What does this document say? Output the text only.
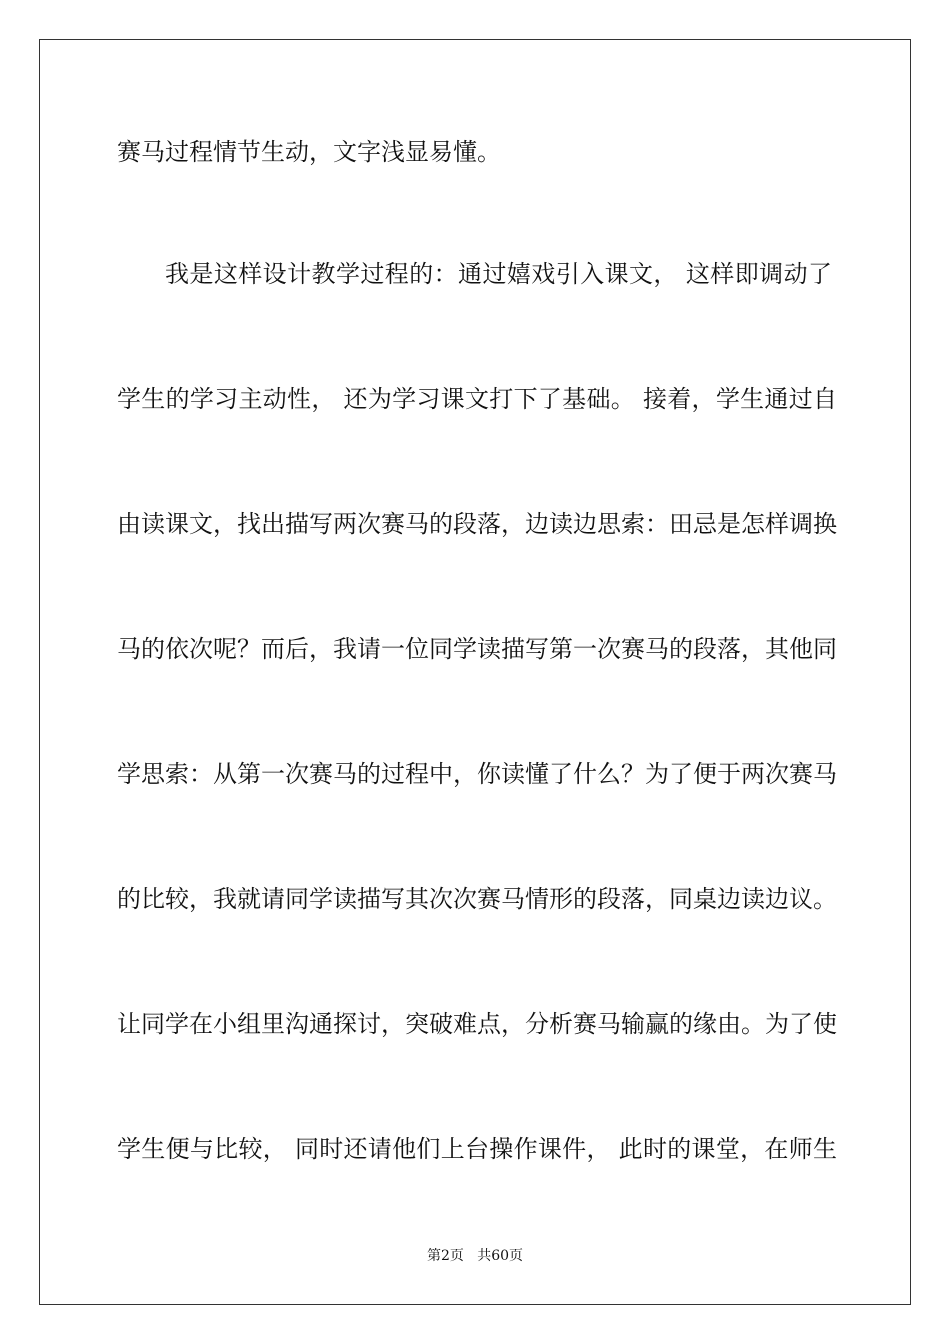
赛马过程情节生动，文字浅显易懂。
我是这样设计教学过程的：通过嬉戏引入课文， 这样即调动了
学生的学习主动性， 还为学习课文打下了基础。 接着，学生通过自
由读课文，找出描写两次赛马的段落，边读边思索：田忌是怎样调换
马的依次呢？而后，我请一位同学读描写第一次赛马的段落，其他同
学思索：从第一次赛马的过程中，你读懂了什么？为了便于两次赛马
的比较，我就请同学读描写其次次赛马情形的段落，同桌边读边议。
让同学在小组里沟通探讨，突破难点，分析赛马输赢的缘由。为了使
学生便与比较， 同时还请他们上台操作课件， 此时的课堂，在师生
第2页   共60页
